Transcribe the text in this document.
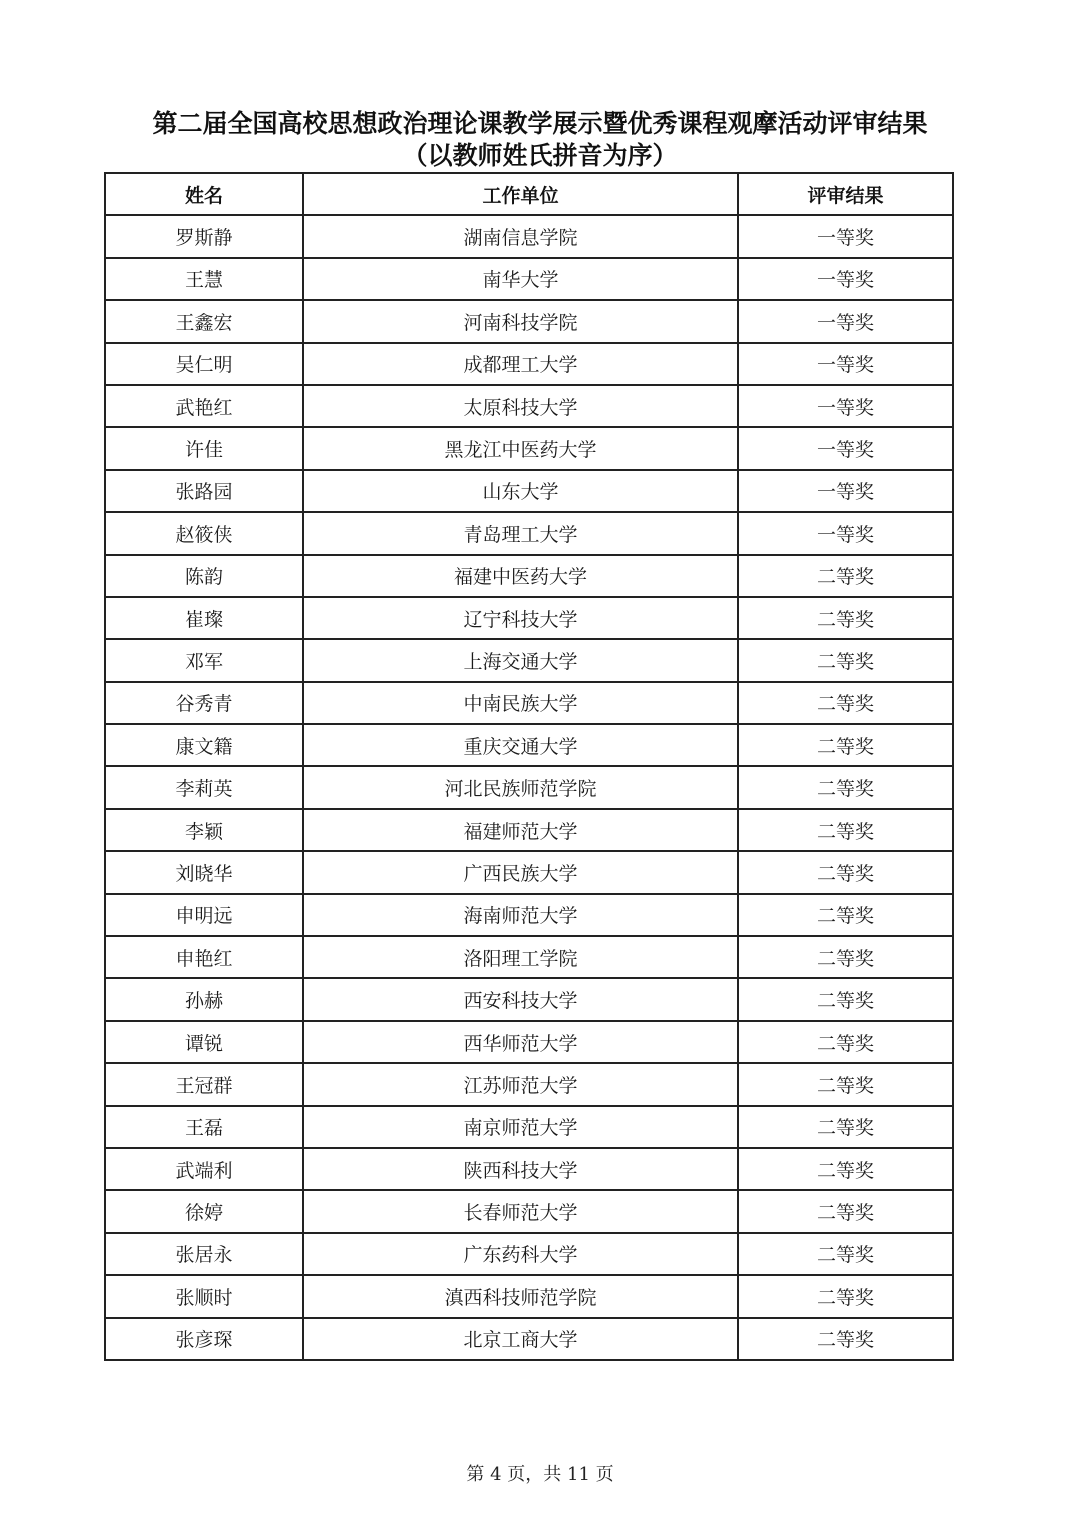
第二届全国高校思想政治理论课教学展示暨优秀课程观摩活动评审结果
（以教师姓氏拼音为序）
姓名	工作单位	评审结果
罗斯静	湖南信息学院	一等奖
王慧	南华大学	一等奖
王鑫宏	河南科技学院	一等奖
吴仁明	成都理工大学	一等奖
武艳红	太原科技大学	一等奖
许佳	黑龙江中医药大学	一等奖
张路园	山东大学	一等奖
赵筱侠	青岛理工大学	一等奖
陈韵	福建中医药大学	二等奖
崔璨	辽宁科技大学	二等奖
邓军	上海交通大学	二等奖
谷秀青	中南民族大学	二等奖
康文籍	重庆交通大学	二等奖
李莉英	河北民族师范学院	二等奖
李颖	福建师范大学	二等奖
刘晓华	广西民族大学	二等奖
申明远	海南师范大学	二等奖
申艳红	洛阳理工学院	二等奖
孙赫	西安科技大学	二等奖
谭锐	西华师范大学	二等奖
王冠群	江苏师范大学	二等奖
王磊	南京师范大学	二等奖
武端利	陕西科技大学	二等奖
徐婷	长春师范大学	二等奖
张居永	广东药科大学	二等奖
张顺时	滇西科技师范学院	二等奖
张彦琛	北京工商大学	二等奖
第 4 页，共 11 页
